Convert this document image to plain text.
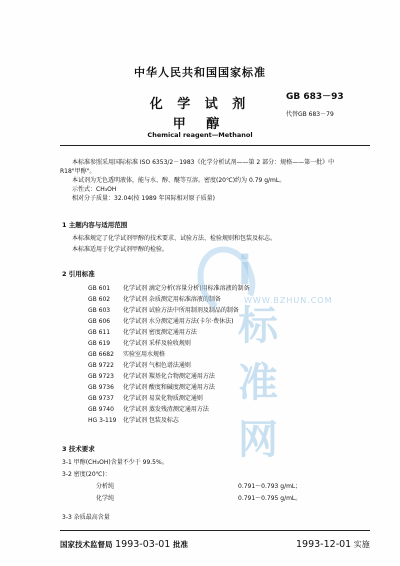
中华人民共和国国家标准
GB 683－93
代替GB 683－79
化 学 试 剂
甲 醇
Chemical reagent—Methanol
本标准参照采用国际标准 ISO 6353/2－1983《化学分析试剂——第 2 部分：规格——第一批》中
R18"甲醇"。
本试剂为无色透明液体，能与水、醇、醚等互溶。密度(20℃)约为 0.79 g/mL。
示性式：CH₃OH
相对分子质量：32.04(按 1989 年国际相对原子质量)
1 主题内容与适用范围
本标准规定了化学试剂甲醇的技术要求、试验方法、检验规则和包装及标志。
本标准适用于化学试剂甲醇的检验。
2 引用标准
GB 601 化学试剂 滴定分析(容量分析)用标准溶液的制备
GB 602 化学试剂 杂质测定用标准溶液的制备
GB 603 化学试剂 试验方法中所用制剂及制品的制备
GB 606 化学试剂 水分测定通用方法(卡尔·费休法)
GB 611 化学试剂 密度测定通用方法
GB 619 化学试剂 采样及验收规则
GB 6682 实验室用水规格
GB 9722 化学试剂 气相色谱法通则
GB 9723 化学试剂 羰基化合物测定通用方法
GB 9736 化学试剂 酸度和碱度测定通用方法
GB 9737 化学试剂 易炭化物质测定通则
GB 9740 化学试剂 蒸发残渣测定通用方法
HG 3-119 化学试剂 包装及标志
3 技术要求
3-1 甲醇(CH₃OH)含量不少于 99.5%。
3-2 密度(20℃)：
分析纯	0.791～0.793 g/mL；
化学纯	0.791～0.795 g/mL。
3-3 杂质最高含量
国家技术监督局 1993-03-01 批准	1993-12-01 实施
i标准网
WWW.BZHUN.COM
